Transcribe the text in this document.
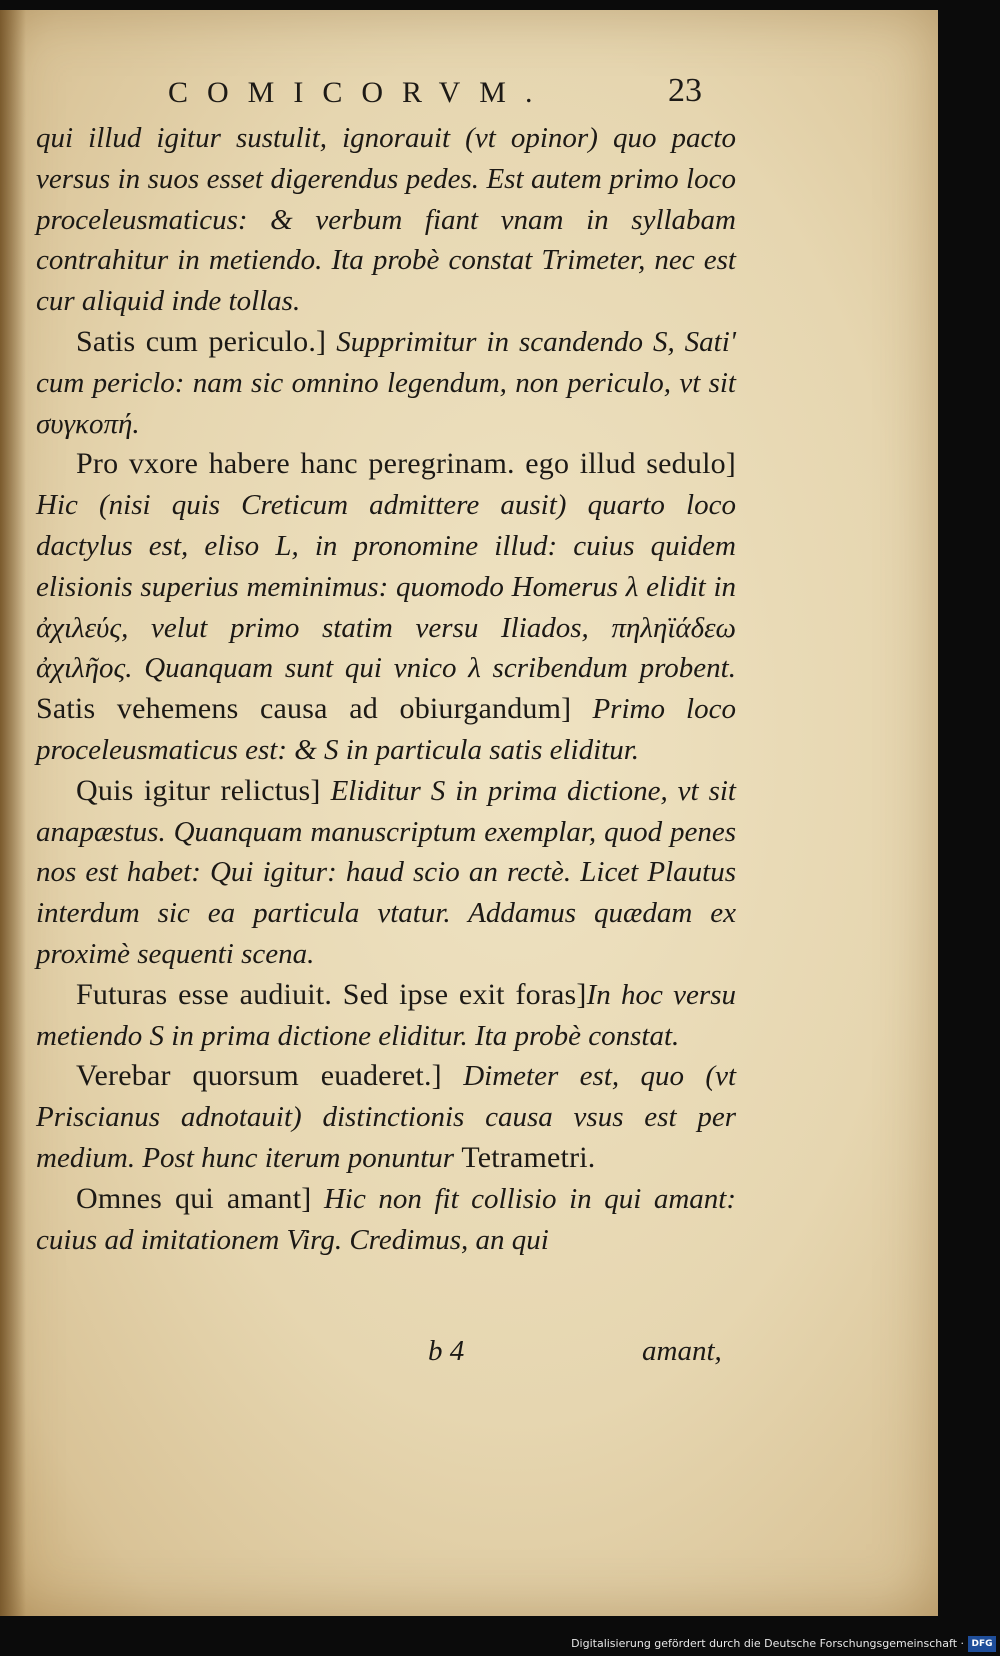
COMICORVM.	23

qui illud igitur sustulit, ignorauit (vt opinor) quo pacto versus in suos esset digerendus pedes. Est autem primo loco proceleusmaticus: & verbum fiant vnam in syllabam contrahitur in metiendo. Ita probè constat Trimeter, nec est cur aliquid inde tollas.

Satis cum periculo.] Supprimitur in scandendo S, Sati' cum periclo: nam sic omnino legendum, non periculo, vt sit συγκοπή.

Pro vxore habere hanc peregrinam. ego illud sedulo] Hic (nisi quis Creticum admittere ausit) quarto loco dactylus est, eliso L, in pronomine illud: cuius quidem elisionis superius meminimus: quomodo Homerus λ elidit in ἀχιλεύς, velut primo statim versu Iliados, πηληϊάδεω ἀχιλῆος. Quanquam sunt qui vnico λ scribendum probent. Satis vehemens causa ad obiurgandum] Primo loco proceleusmaticus est: & S in particula satis eliditur.

Quis igitur relictus] Eliditur S in prima dictione, vt sit anapæstus. Quanquam manuscriptum exemplar, quod penes nos est habet: Qui igitur: haud scio an rectè. Licet Plautus interdum sic ea particula vtatur. Addamus quædam ex proximè sequenti scena.

Futuras esse audiuit. Sed ipse exit foras]In hoc versu metiendo S in prima dictione eliditur. Ita probè constat.

Verebar quorsum euaderet.] Dimeter est, quo (vt Priscianus adnotauit) distinctionis causa vsus est per medium. Post hunc iterum ponuntur Tetrametri.

Omnes qui amant] Hic non fit collisio in qui amant: cuius ad imitationem Virg. Credimus, an qui

b 4	amant,
Digitalisierung gefördert durch die Deutsche Forschungsgemeinschaft · DFG
